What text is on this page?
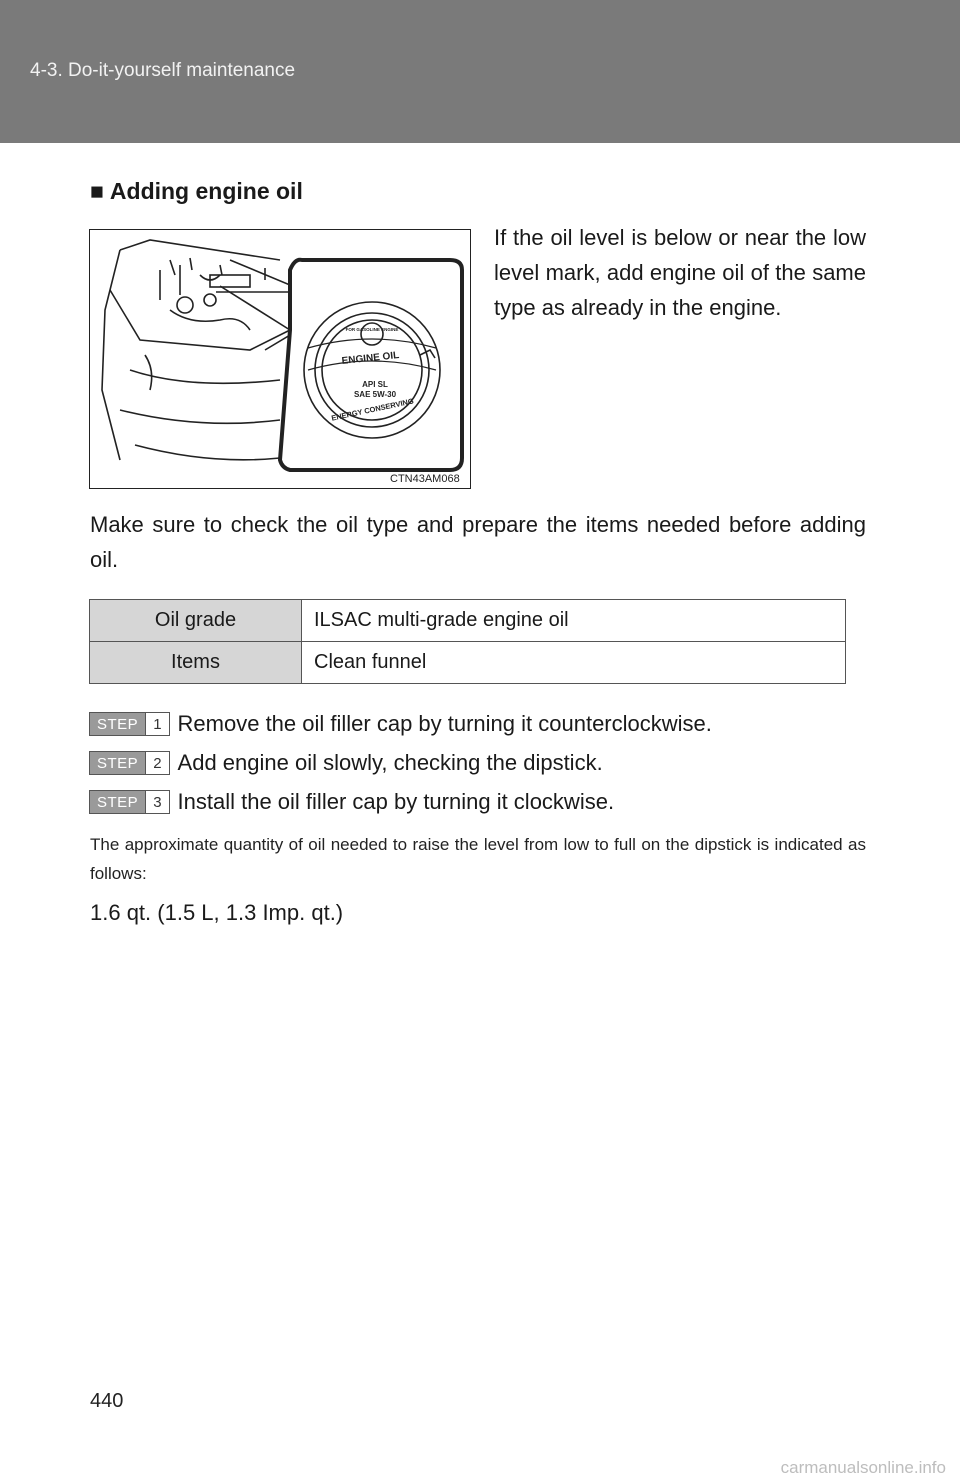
4-3. Do-it-yourself maintenance
■ Adding engine oil
FOR GASOLINE ENGINE
ENGINE OIL
API SL
SAE 5W-30
ENERGY CONSERVING
CTN43AM068
If the oil level is below or near the low level mark, add engine oil of the same type as already in the engine.
Make sure to check the oil type and prepare the items needed before adding oil.
Oil grade	ILSAC multi-grade engine oil
Items	Clean funnel
STEP	1 Remove the oil filler cap by turning it counterclockwise.
STEP	2 Add engine oil slowly, checking the dipstick.
STEP	3 Install the oil filler cap by turning it clockwise.
The approximate quantity of oil needed to raise the level from low to full on the dipstick is indicated as follows:
1.6 qt. (1.5 L, 1.3 Imp. qt.)
440
carmanualsonline.info
